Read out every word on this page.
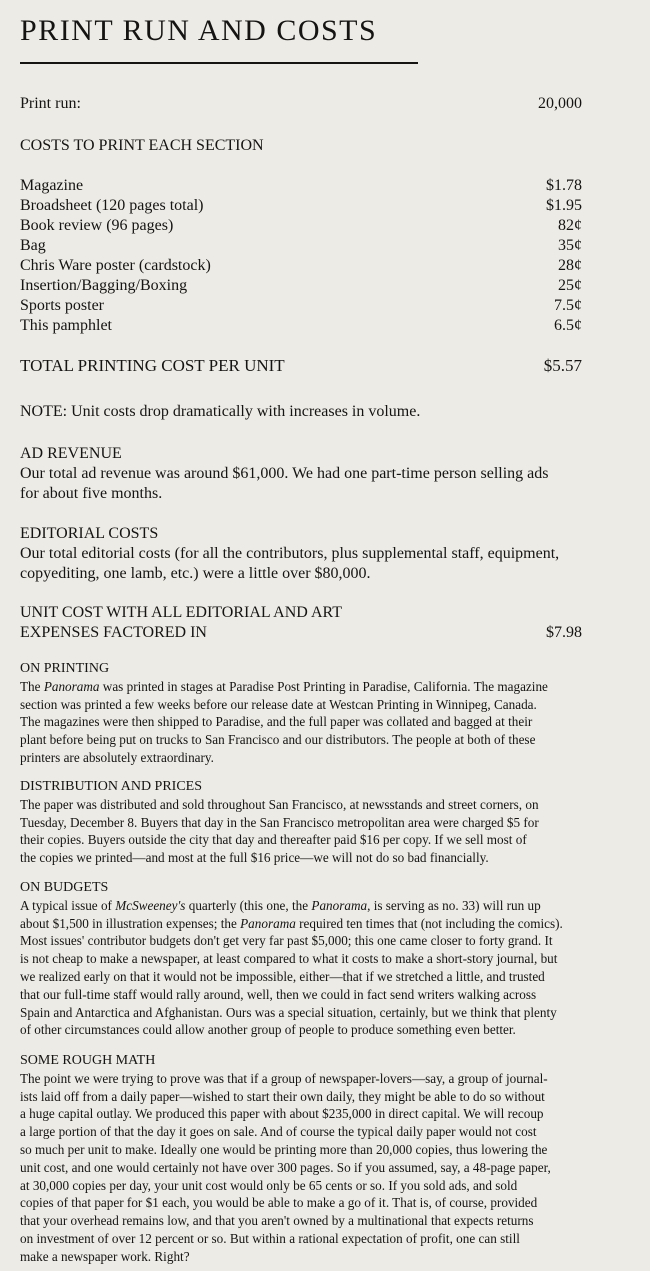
PRINT RUN AND COSTS
Print run:	20,000
COSTS TO PRINT EACH SECTION
Magazine	$1.78
Broadsheet (120 pages total)	$1.95
Book review (96 pages)	82¢
Bag	35¢
Chris Ware poster (cardstock)	28¢
Insertion/Bagging/Boxing	25¢
Sports poster	7.5¢
This pamphlet	6.5¢
TOTAL PRINTING COST PER UNIT	$5.57
NOTE: Unit costs drop dramatically with increases in volume.
AD REVENUE
Our total ad revenue was around $61,000. We had one part-time person selling ads
for about five months.
EDITORIAL COSTS
Our total editorial costs (for all the contributors, plus supplemental staff, equipment,
copyediting, one lamb, etc.) were a little over $80,000.
UNIT COST WITH ALL EDITORIAL AND ART
EXPENSES FACTORED IN	$7.98
ON PRINTING
The Panorama was printed in stages at Paradise Post Printing in Paradise, California. The magazine
section was printed a few weeks before our release date at Westcan Printing in Winnipeg, Canada.
The magazines were then shipped to Paradise, and the full paper was collated and bagged at their
plant before being put on trucks to San Francisco and our distributors. The people at both of these
printers are absolutely extraordinary.
DISTRIBUTION AND PRICES
The paper was distributed and sold throughout San Francisco, at newsstands and street corners, on
Tuesday, December 8. Buyers that day in the San Francisco metropolitan area were charged $5 for
their copies. Buyers outside the city that day and thereafter paid $16 per copy. If we sell most of
the copies we printed—and most at the full $16 price—we will not do so bad financially.
ON BUDGETS
A typical issue of McSweeney's quarterly (this one, the Panorama, is serving as no. 33) will run up
about $1,500 in illustration expenses; the Panorama required ten times that (not including the comics).
Most issues' contributor budgets don't get very far past $5,000; this one came closer to forty grand. It
is not cheap to make a newspaper, at least compared to what it costs to make a short-story journal, but
we realized early on that it would not be impossible, either—that if we stretched a little, and trusted
that our full-time staff would rally around, well, then we could in fact send writers walking across
Spain and Antarctica and Afghanistan. Ours was a special situation, certainly, but we think that plenty
of other circumstances could allow another group of people to produce something even better.
SOME ROUGH MATH
The point we were trying to prove was that if a group of newspaper-lovers—say, a group of journal-
ists laid off from a daily paper—wished to start their own daily, they might be able to do so without
a huge capital outlay. We produced this paper with about $235,000 in direct capital. We will recoup
a large portion of that the day it goes on sale. And of course the typical daily paper would not cost
so much per unit to make. Ideally one would be printing more than 20,000 copies, thus lowering the
unit cost, and one would certainly not have over 300 pages. So if you assumed, say, a 48-page paper,
at 30,000 copies per day, your unit cost would only be 65 cents or so. If you sold ads, and sold
copies of that paper for $1 each, you would be able to make a go of it. That is, of course, provided
that your overhead remains low, and that you aren't owned by a multinational that expects returns
on investment of over 12 percent or so. But within a rational expectation of profit, one can still
make a newspaper work. Right?
